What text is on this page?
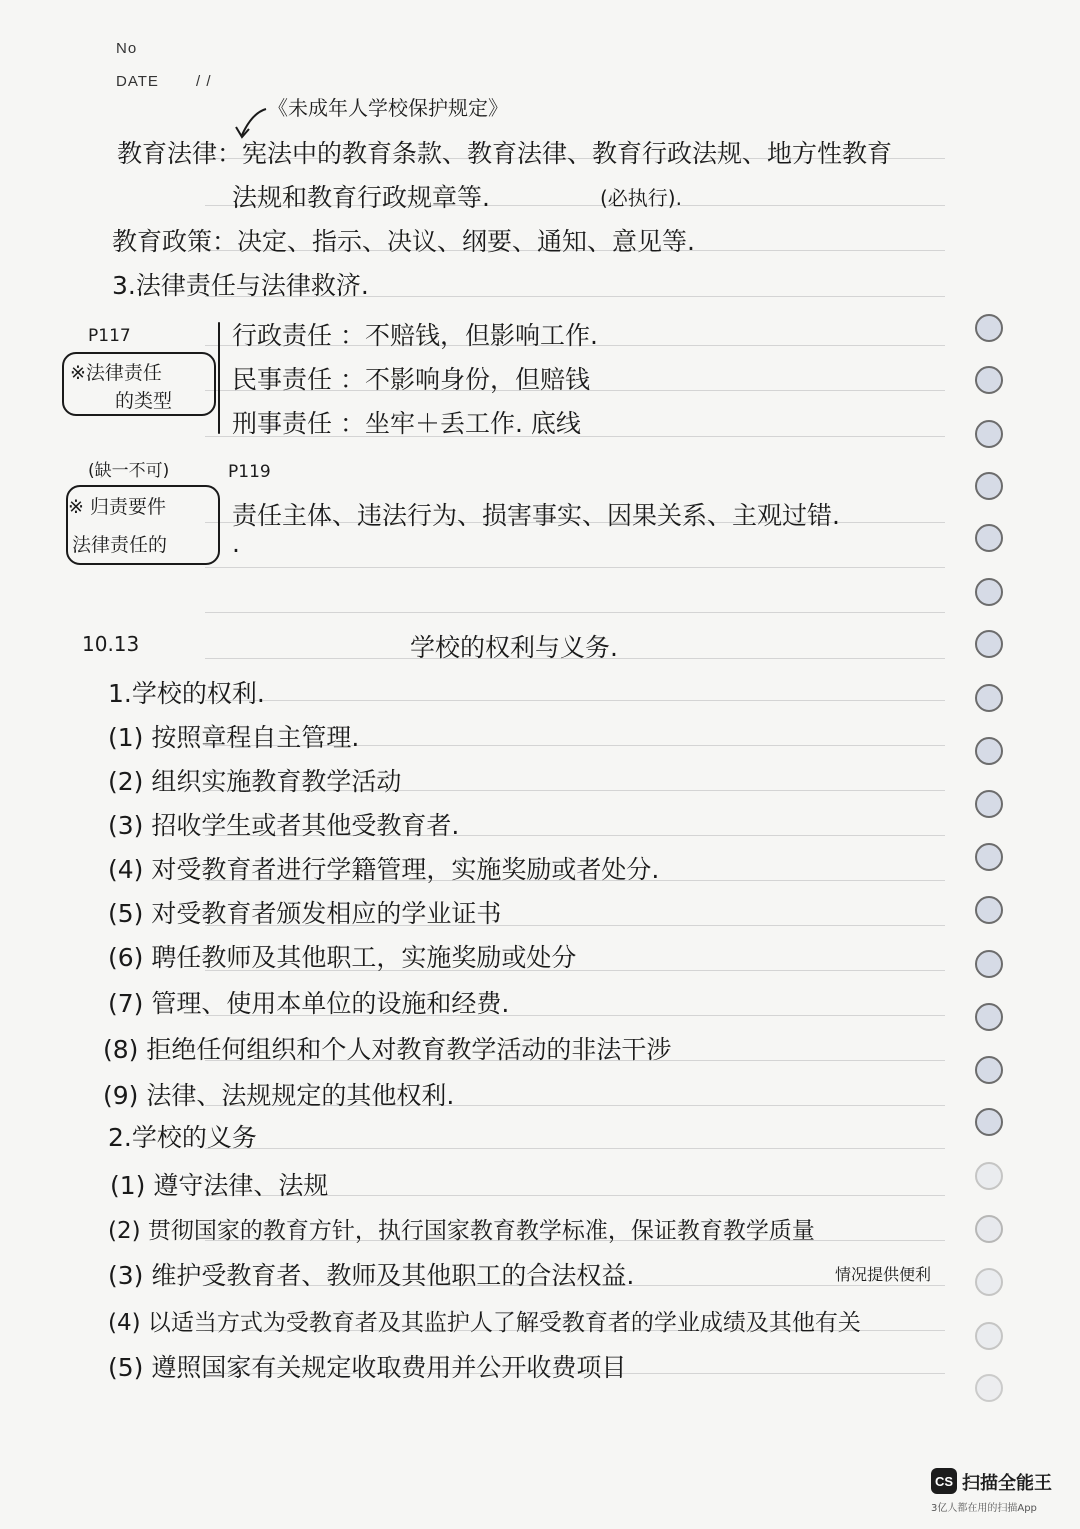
No
DATE / /
《未成年人学校保护规定》
教育法律：宪法中的教育条款、教育法律、教育行政法规、地方性教育
法规和教育行政规章等.	(必执行).
教育政策：决定、指示、决议、纲要、通知、意见等.
3.法律责任与法律救济.
P117
※法律责任
的类型
行政责任 ：不赔钱，但影响工作.
民事责任 ：不影响身份，但赔钱
刑事责任 ：坐牢＋丢工作. 底线
(缺一不可)	P119
※ 归责要件
法律责任的
责任主体、违法行为、损害事实、因果关系、主观过错.
·
10.13	学校的权利与义务.
1.学校的权利.
(1) 按照章程自主管理.
(2) 组织实施教育教学活动
(3) 招收学生或者其他受教育者.
(4) 对受教育者进行学籍管理，实施奖励或者处分.
(5) 对受教育者颁发相应的学业证书
(6) 聘任教师及其他职工，实施奖励或处分
(7) 管理、使用本单位的设施和经费.
(8) 拒绝任何组织和个人对教育教学活动的非法干涉
(9) 法律、法规规定的其他权利.
2.学校的义务
(1) 遵守法律、法规
(2) 贯彻国家的教育方针，执行国家教育教学标准，保证教育教学质量
(3) 维护受教育者、教师及其他职工的合法权益.	情况提供便利
(4) 以适当方式为受教育者及其监护人了解受教育者的学业成绩及其他有关
(5) 遵照国家有关规定收取费用并公开收费项目
CS 扫描全能王
3亿人都在用的扫描App
